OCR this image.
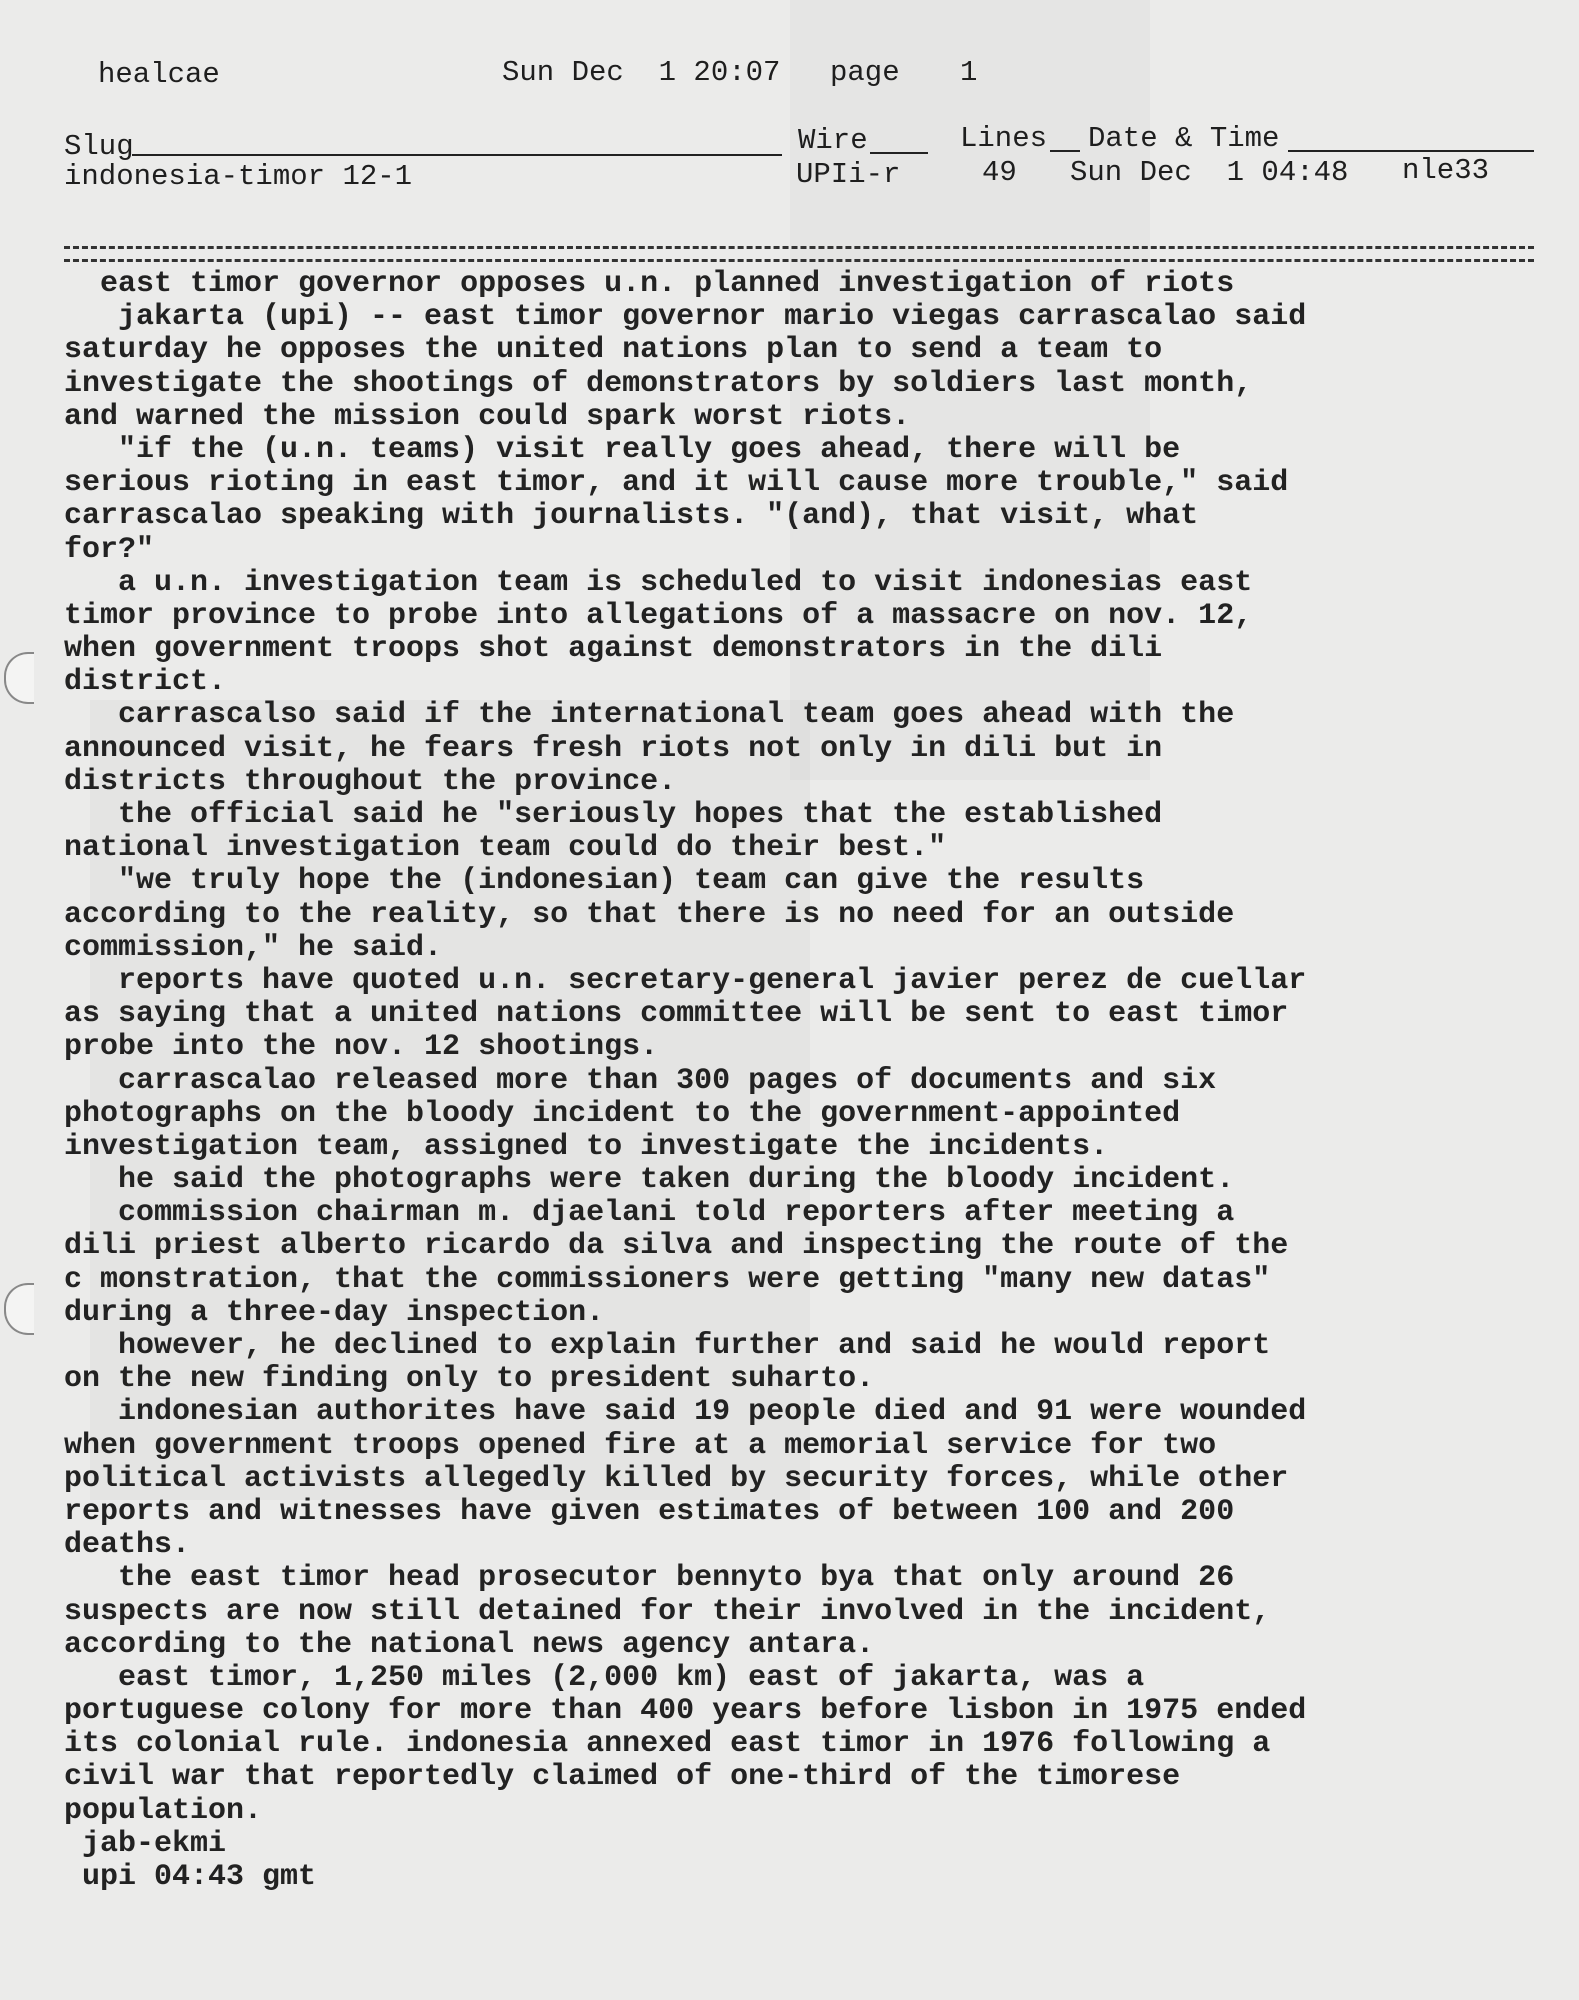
healcae	Sun Dec  1 20:07 page 1
Slug	Wire	Lines Date & Time
indonesia-timor 12-1	UPIi-r	49 Sun Dec  1 04:48 nle33
east timor governor opposes u.n. planned investigation of riots
jakarta (upi) -- east timor governor mario viegas carrascalao said
saturday he opposes the united nations plan to send a team to
investigate the shootings of demonstrators by soldiers last month,
and warned the mission could spark worst riots.
"if the (u.n. teams) visit really goes ahead, there will be
serious rioting in east timor, and it will cause more trouble," said
carrascalao speaking with journalists. "(and), that visit, what
for?"
a u.n. investigation team is scheduled to visit indonesias east
timor province to probe into allegations of a massacre on nov. 12,
when government troops shot against demonstrators in the dili
district.
carrascalso said if the international team goes ahead with the
announced visit, he fears fresh riots not only in dili but in
districts throughout the province.
the official said he "seriously hopes that the established
national investigation team could do their best."
"we truly hope the (indonesian) team can give the results
according to the reality, so that there is no need for an outside
commission," he said.
reports have quoted u.n. secretary-general javier perez de cuellar
as saying that a united nations committee will be sent to east timor
probe into the nov. 12 shootings.
carrascalao released more than 300 pages of documents and six
photographs on the bloody incident to the government-appointed
investigation team, assigned to investigate the incidents.
he said the photographs were taken during the bloody incident.
commission chairman m. djaelani told reporters after meeting a
dili priest alberto ricardo da silva and inspecting the route of the
c monstration, that the commissioners were getting "many new datas"
during a three-day inspection.
however, he declined to explain further and said he would report
on the new finding only to president suharto.
indonesian authorites have said 19 people died and 91 were wounded
when government troops opened fire at a memorial service for two
political activists allegedly killed by security forces, while other
reports and witnesses have given estimates of between 100 and 200
deaths.
the east timor head prosecutor bennyto bya that only around 26
suspects are now still detained for their involved in the incident,
according to the national news agency antara.
east timor, 1,250 miles (2,000 km) east of jakarta, was a
portuguese colony for more than 400 years before lisbon in 1975 ended
its colonial rule. indonesia annexed east timor in 1976 following a
civil war that reportedly claimed of one-third of the timorese
population.
jab-ekmi
upi 04:43 gmt
